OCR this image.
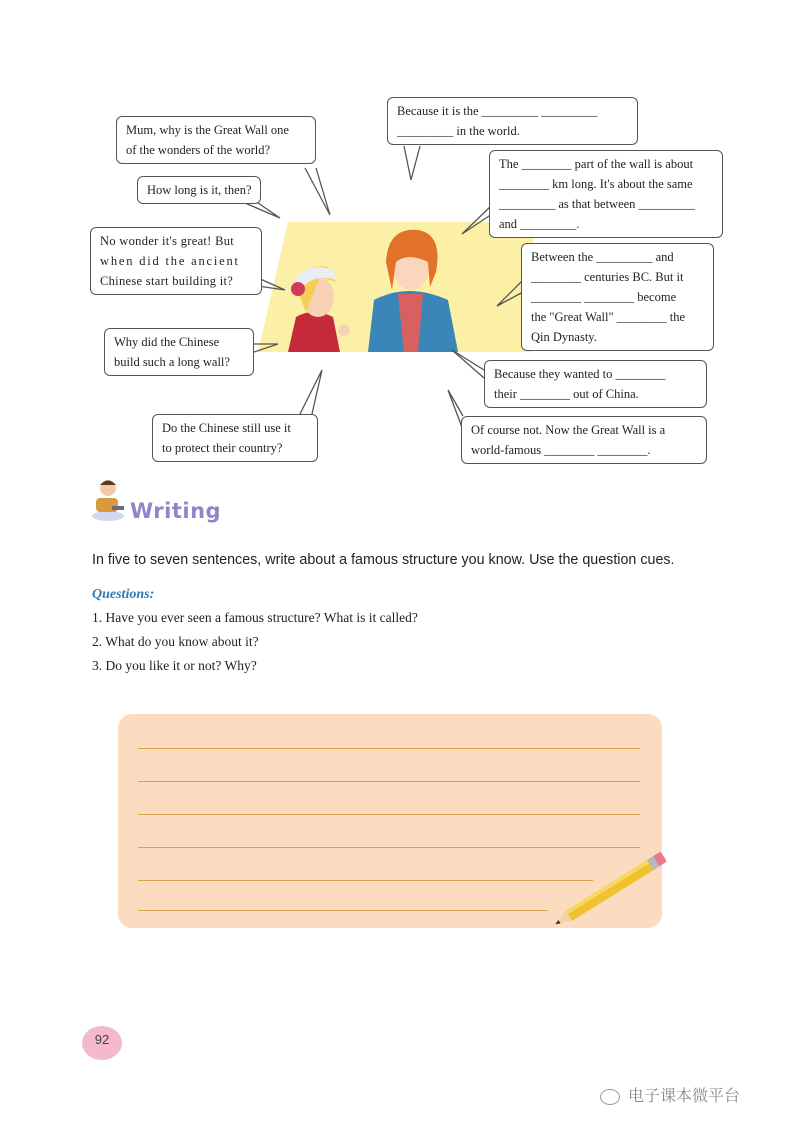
Mum, why is the Great Wall one
of the wonders of the world?
How long is it, then?
No wonder it's great! But
when did the ancient
Chinese start building it?
Why did the Chinese
build such a long wall?
Do the Chinese still use it
to protect their country?
Because it is the _________ _________
_________ in the world.
The ________ part of the wall is about
________ km long. It's about the same
_________ as that between _________
and _________.
Between the _________ and
________ centuries BC. But it
________ ________ become
the "Great Wall" ________ the
Qin Dynasty.
Because they wanted to ________
their ________ out of China.
Of course not. Now the Great Wall is a
world-famous ________ ________.
Writing
In five to seven sentences, write about a famous structure you know. Use the question cues.
Questions:
1. Have you ever seen a famous structure? What is it called?
2. What do you know about it?
3. Do you like it or not? Why?
92
电子课本微平台
